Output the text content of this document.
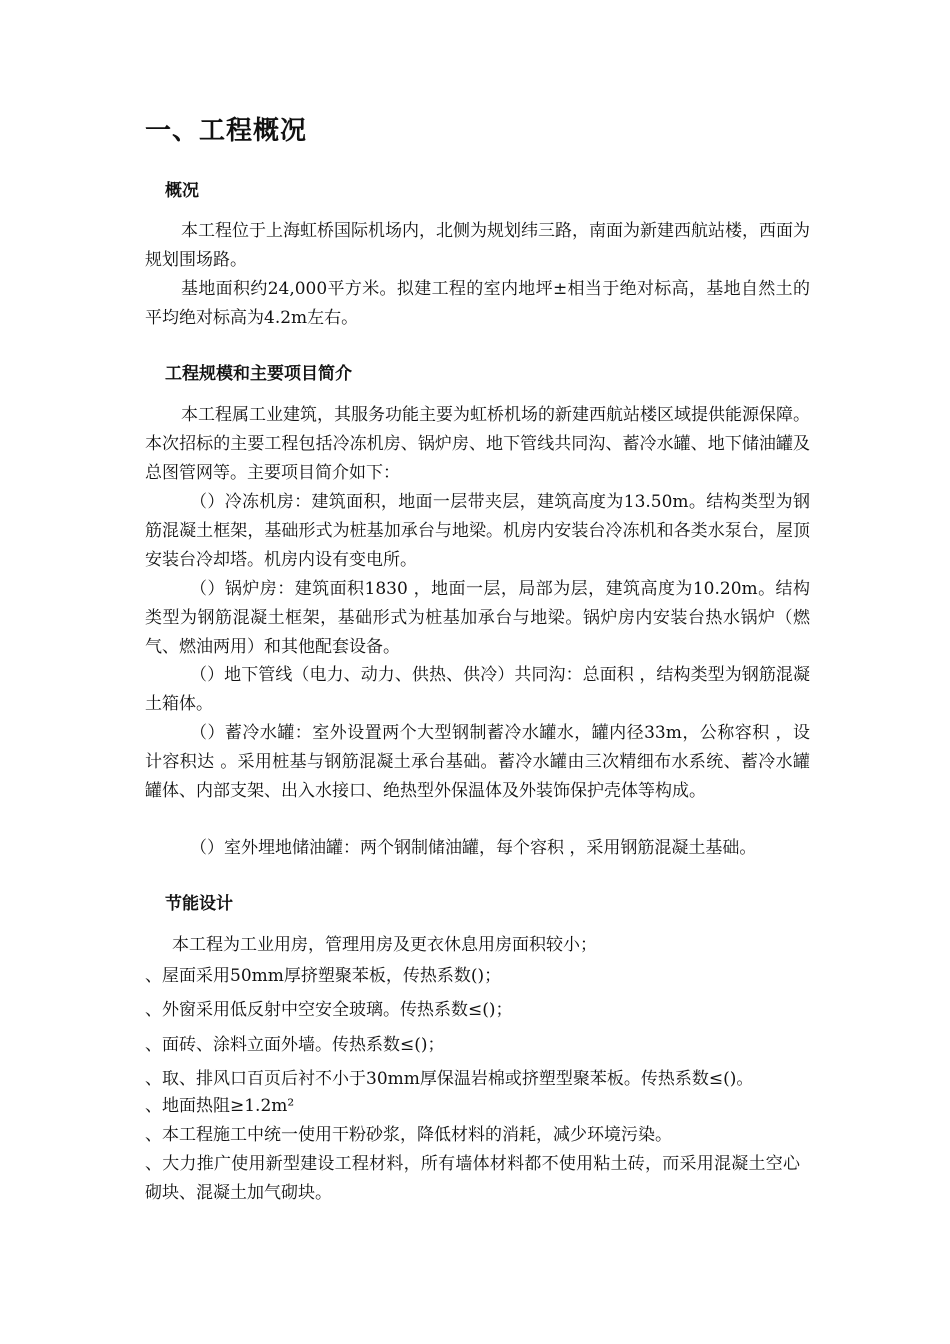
一、工程概况
概况
本工程位于上海虹桥国际机场内，北侧为规划纬三路，南面为新建西航站楼，西面为规划围场路。
基地面积约24,000平方米。拟建工程的室内地坪±相当于绝对标高，基地自然土的平均绝对标高为4.2m左右。
工程规模和主要项目简介
本工程属工业建筑，其服务功能主要为虹桥机场的新建西航站楼区域提供能源保障。本次招标的主要工程包括冷冻机房、锅炉房、地下管线共同沟、蓄冷水罐、地下储油罐及总图管网等。主要项目简介如下：
（）冷冻机房：建筑面积，地面一层带夹层，建筑高度为13.50m。结构类型为钢筋混凝土框架，基础形式为桩基加承台与地梁。机房内安装台冷冻机和各类水泵台，屋顶安装台冷却塔。机房内设有变电所。
（）锅炉房：建筑面积1830 ，地面一层，局部为层，建筑高度为10.20m。结构类型为钢筋混凝土框架，基础形式为桩基加承台与地梁。锅炉房内安装台热水锅炉（燃气、燃油两用）和其他配套设备。
（）地下管线（电力、动力、供热、供冷）共同沟：总面积 ，结构类型为钢筋混凝土箱体。
（）蓄冷水罐：室外设置两个大型钢制蓄冷水罐水，罐内径33m，公称容积 ，设计容积达 。采用桩基与钢筋混凝土承台基础。蓄冷水罐由三次精细布水系统、蓄冷水罐罐体、内部支架、出入水接口、绝热型外保温体及外装饰保护壳体等构成。
（）室外埋地储油罐：两个钢制储油罐，每个容积 ，采用钢筋混凝土基础。
节能设计
本工程为工业用房，管理用房及更衣休息用房面积较小；
、屋面采用50mm厚挤塑聚苯板，传热系数()；
、外窗采用低反射中空安全玻璃。传热系数≤()；
、面砖、涂料立面外墙。传热系数≤()；
、取、排风口百页后衬不小于30mm厚保温岩棉或挤塑型聚苯板。传热系数≤()。
、地面热阻≥1.2m²
、本工程施工中统一使用干粉砂浆，降低材料的消耗，减少环境污染。
、大力推广使用新型建设工程材料，所有墙体材料都不使用粘土砖，而采用混凝土空心砌块、混凝土加气砌块。
